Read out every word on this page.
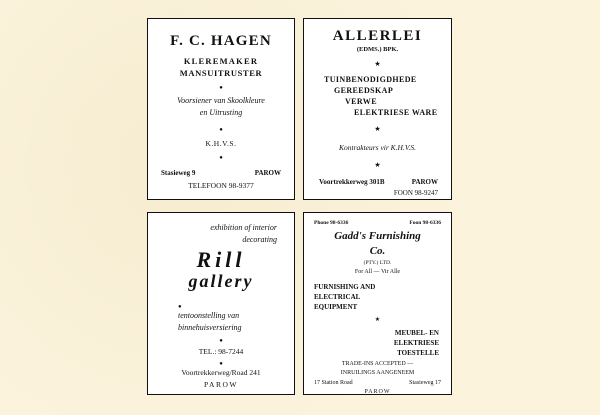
F. C. HAGEN
KLEREMAKER
MANSUITRUSTER
●
Voorsiener van Skoolkleure
en Uitrusting
●
K.H.V.S.
●
Stasieweg 9	PAROW
TELEFOON 98-9377
ALLERLEI
(EDMS.) BPK.
★
TUINBENODIGDHEDE
GEREEDSKAP
VERWE
ELEKTRIESE WARE
★
Kontrakteurs vir K.H.V.S.
★
Voortrekkerweg 301B	PAROW
FOON 98-9247
exhibition of interior
decorating
Rill
gallery
●
tentoonstelling van
binnehuisversiering
●
TEL.: 98-7244
●
Voortrekkerweg/Road 241
PAROW
Phone 98-6336	Foon 98-6336
Gadd's Furnishing
Co.
(PTY.) LTD.
For All — Vir Alle
FURNISHING AND
ELECTRICAL
EQUIPMENT
★
MEUBEL- EN
ELEKTRIESE
TOESTELLE
TRADE-INS ACCEPTED —
INRUILINGS AANGENEEM
17 Station Road	Stasieweg 17
PAROW
